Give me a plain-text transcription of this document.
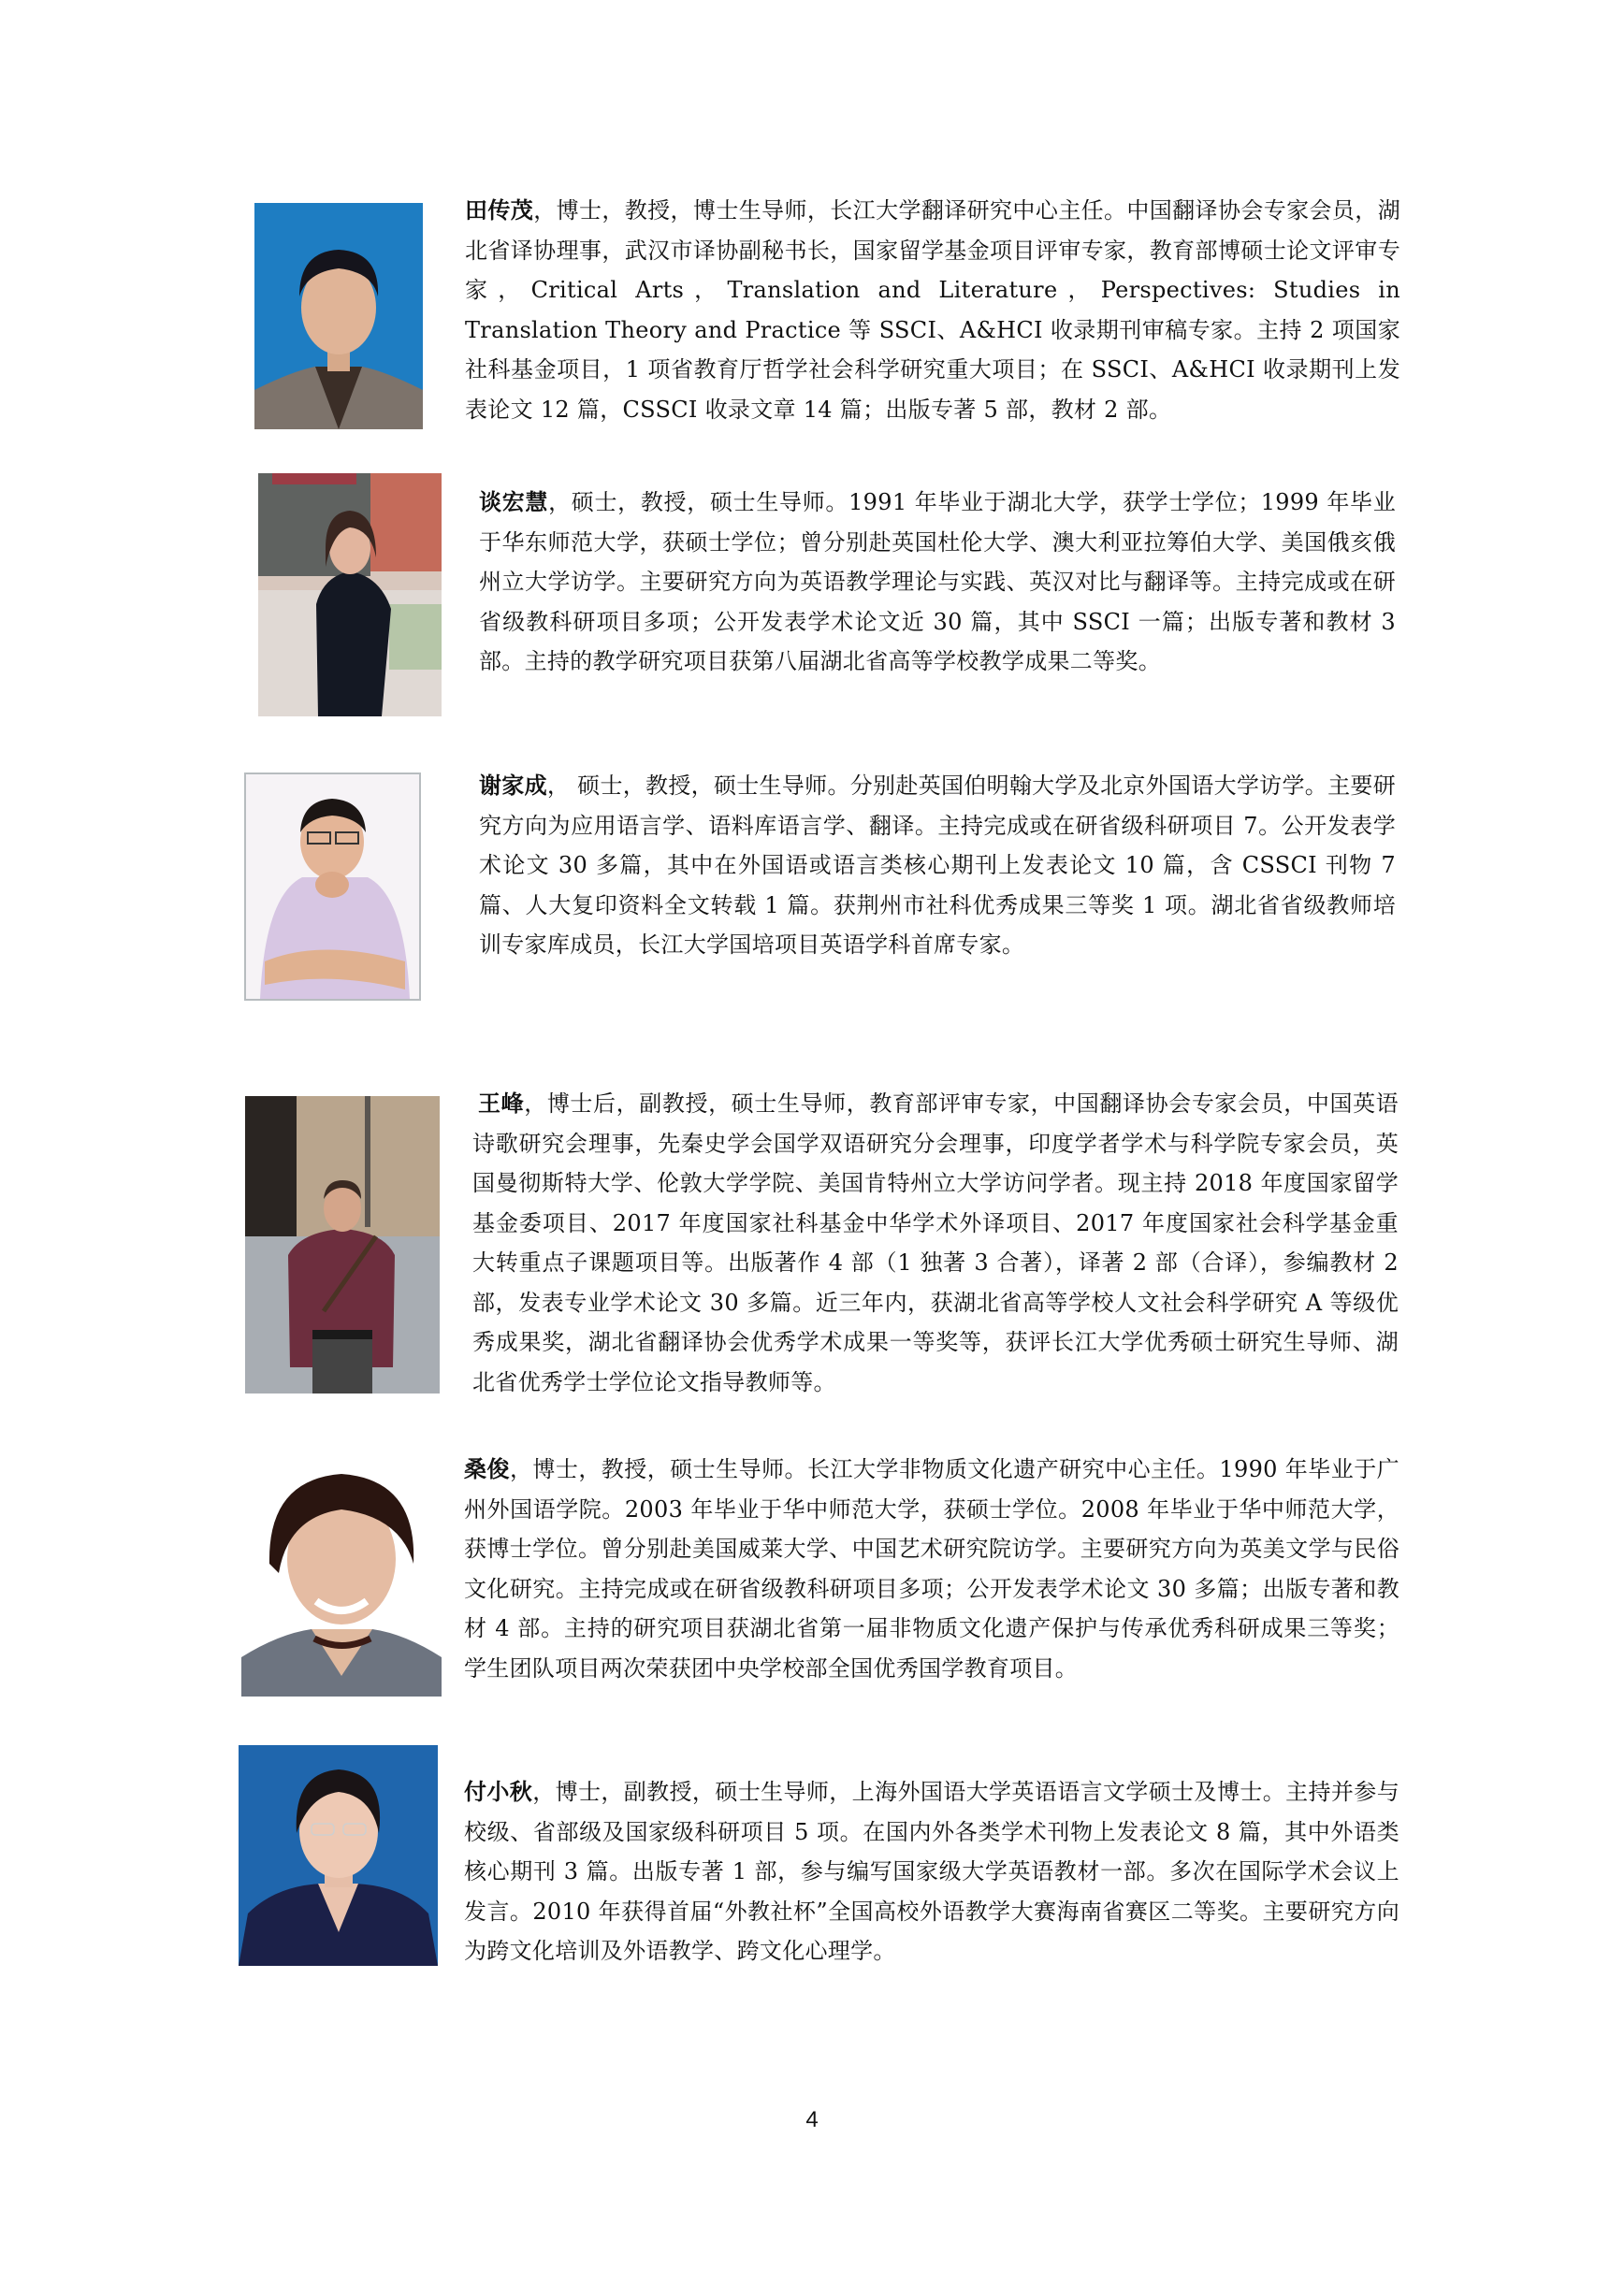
田传茂，博士，教授，博士生导师，长江大学翻译研究中心主任。中国翻译协会专家会员，湖北省译协理事，武汉市译协副秘书长，国家留学基金项目评审专家，教育部博硕士论文评审专家，Critical Arts，Translation and Literature，Perspectives: Studies in Translation Theory and Practice 等 SSCI、A&HCI 收录期刊审稿专家。主持 2 项国家社科基金项目，1 项省教育厅哲学社会科学研究重大项目；在 SSCI、A&HCI 收录期刊上发表论文 12 篇，CSSCI 收录文章 14 篇；出版专著 5 部，教材 2 部。
谈宏慧，硕士，教授，硕士生导师。1991 年毕业于湖北大学，获学士学位；1999 年毕业于华东师范大学，获硕士学位；曾分别赴英国杜伦大学、澳大利亚拉筹伯大学、美国俄亥俄州立大学访学。主要研究方向为英语教学理论与实践、英汉对比与翻译等。主持完成或在研省级教科研项目多项；公开发表学术论文近 30 篇，其中 SSCI 一篇；出版专著和教材 3 部。主持的教学研究项目获第八届湖北省高等学校教学成果二等奖。
谢家成， 硕士，教授，硕士生导师。分别赴英国伯明翰大学及北京外国语大学访学。主要研究方向为应用语言学、语料库语言学、翻译。主持完成或在研省级科研项目 7。公开发表学术论文 30 多篇，其中在外国语或语言类核心期刊上发表论文 10 篇，含 CSSCI 刊物 7 篇、人大复印资料全文转载 1 篇。获荆州市社科优秀成果三等奖 1 项。湖北省省级教师培训专家库成员，长江大学国培项目英语学科首席专家。
王峰，博士后，副教授，硕士生导师，教育部评审专家，中国翻译协会专家会员，中国英语诗歌研究会理事，先秦史学会国学双语研究分会理事，印度学者学术与科学院专家会员，英国曼彻斯特大学、伦敦大学学院、美国肯特州立大学访问学者。现主持 2018 年度国家留学基金委项目、2017 年度国家社科基金中华学术外译项目、2017 年度国家社会科学基金重大转重点子课题项目等。出版著作 4 部（1 独著 3 合著），译著 2 部（合译），参编教材 2 部，发表专业学术论文 30 多篇。近三年内，获湖北省高等学校人文社会科学研究 A 等级优秀成果奖，湖北省翻译协会优秀学术成果一等奖等，获评长江大学优秀硕士研究生导师、湖北省优秀学士学位论文指导教师等。
桑俊，博士，教授，硕士生导师。长江大学非物质文化遗产研究中心主任。1990 年毕业于广州外国语学院。2003 年毕业于华中师范大学，获硕士学位。2008 年毕业于华中师范大学，获博士学位。曾分别赴美国威莱大学、中国艺术研究院访学。主要研究方向为英美文学与民俗文化研究。主持完成或在研省级教科研项目多项；公开发表学术论文 30 多篇；出版专著和教材 4 部。主持的研究项目获湖北省第一届非物质文化遗产保护与传承优秀科研成果三等奖；学生团队项目两次荣获团中央学校部全国优秀国学教育项目。
付小秋，博士，副教授，硕士生导师，上海外国语大学英语语言文学硕士及博士。主持并参与校级、省部级及国家级科研项目 5 项。在国内外各类学术刊物上发表论文 8 篇，其中外语类核心期刊 3 篇。出版专著 1 部，参与编写国家级大学英语教材一部。多次在国际学术会议上发言。2010 年获得首届“外教社杯”全国高校外语教学大赛海南省赛区二等奖。主要研究方向为跨文化培训及外语教学、跨文化心理学。
4
